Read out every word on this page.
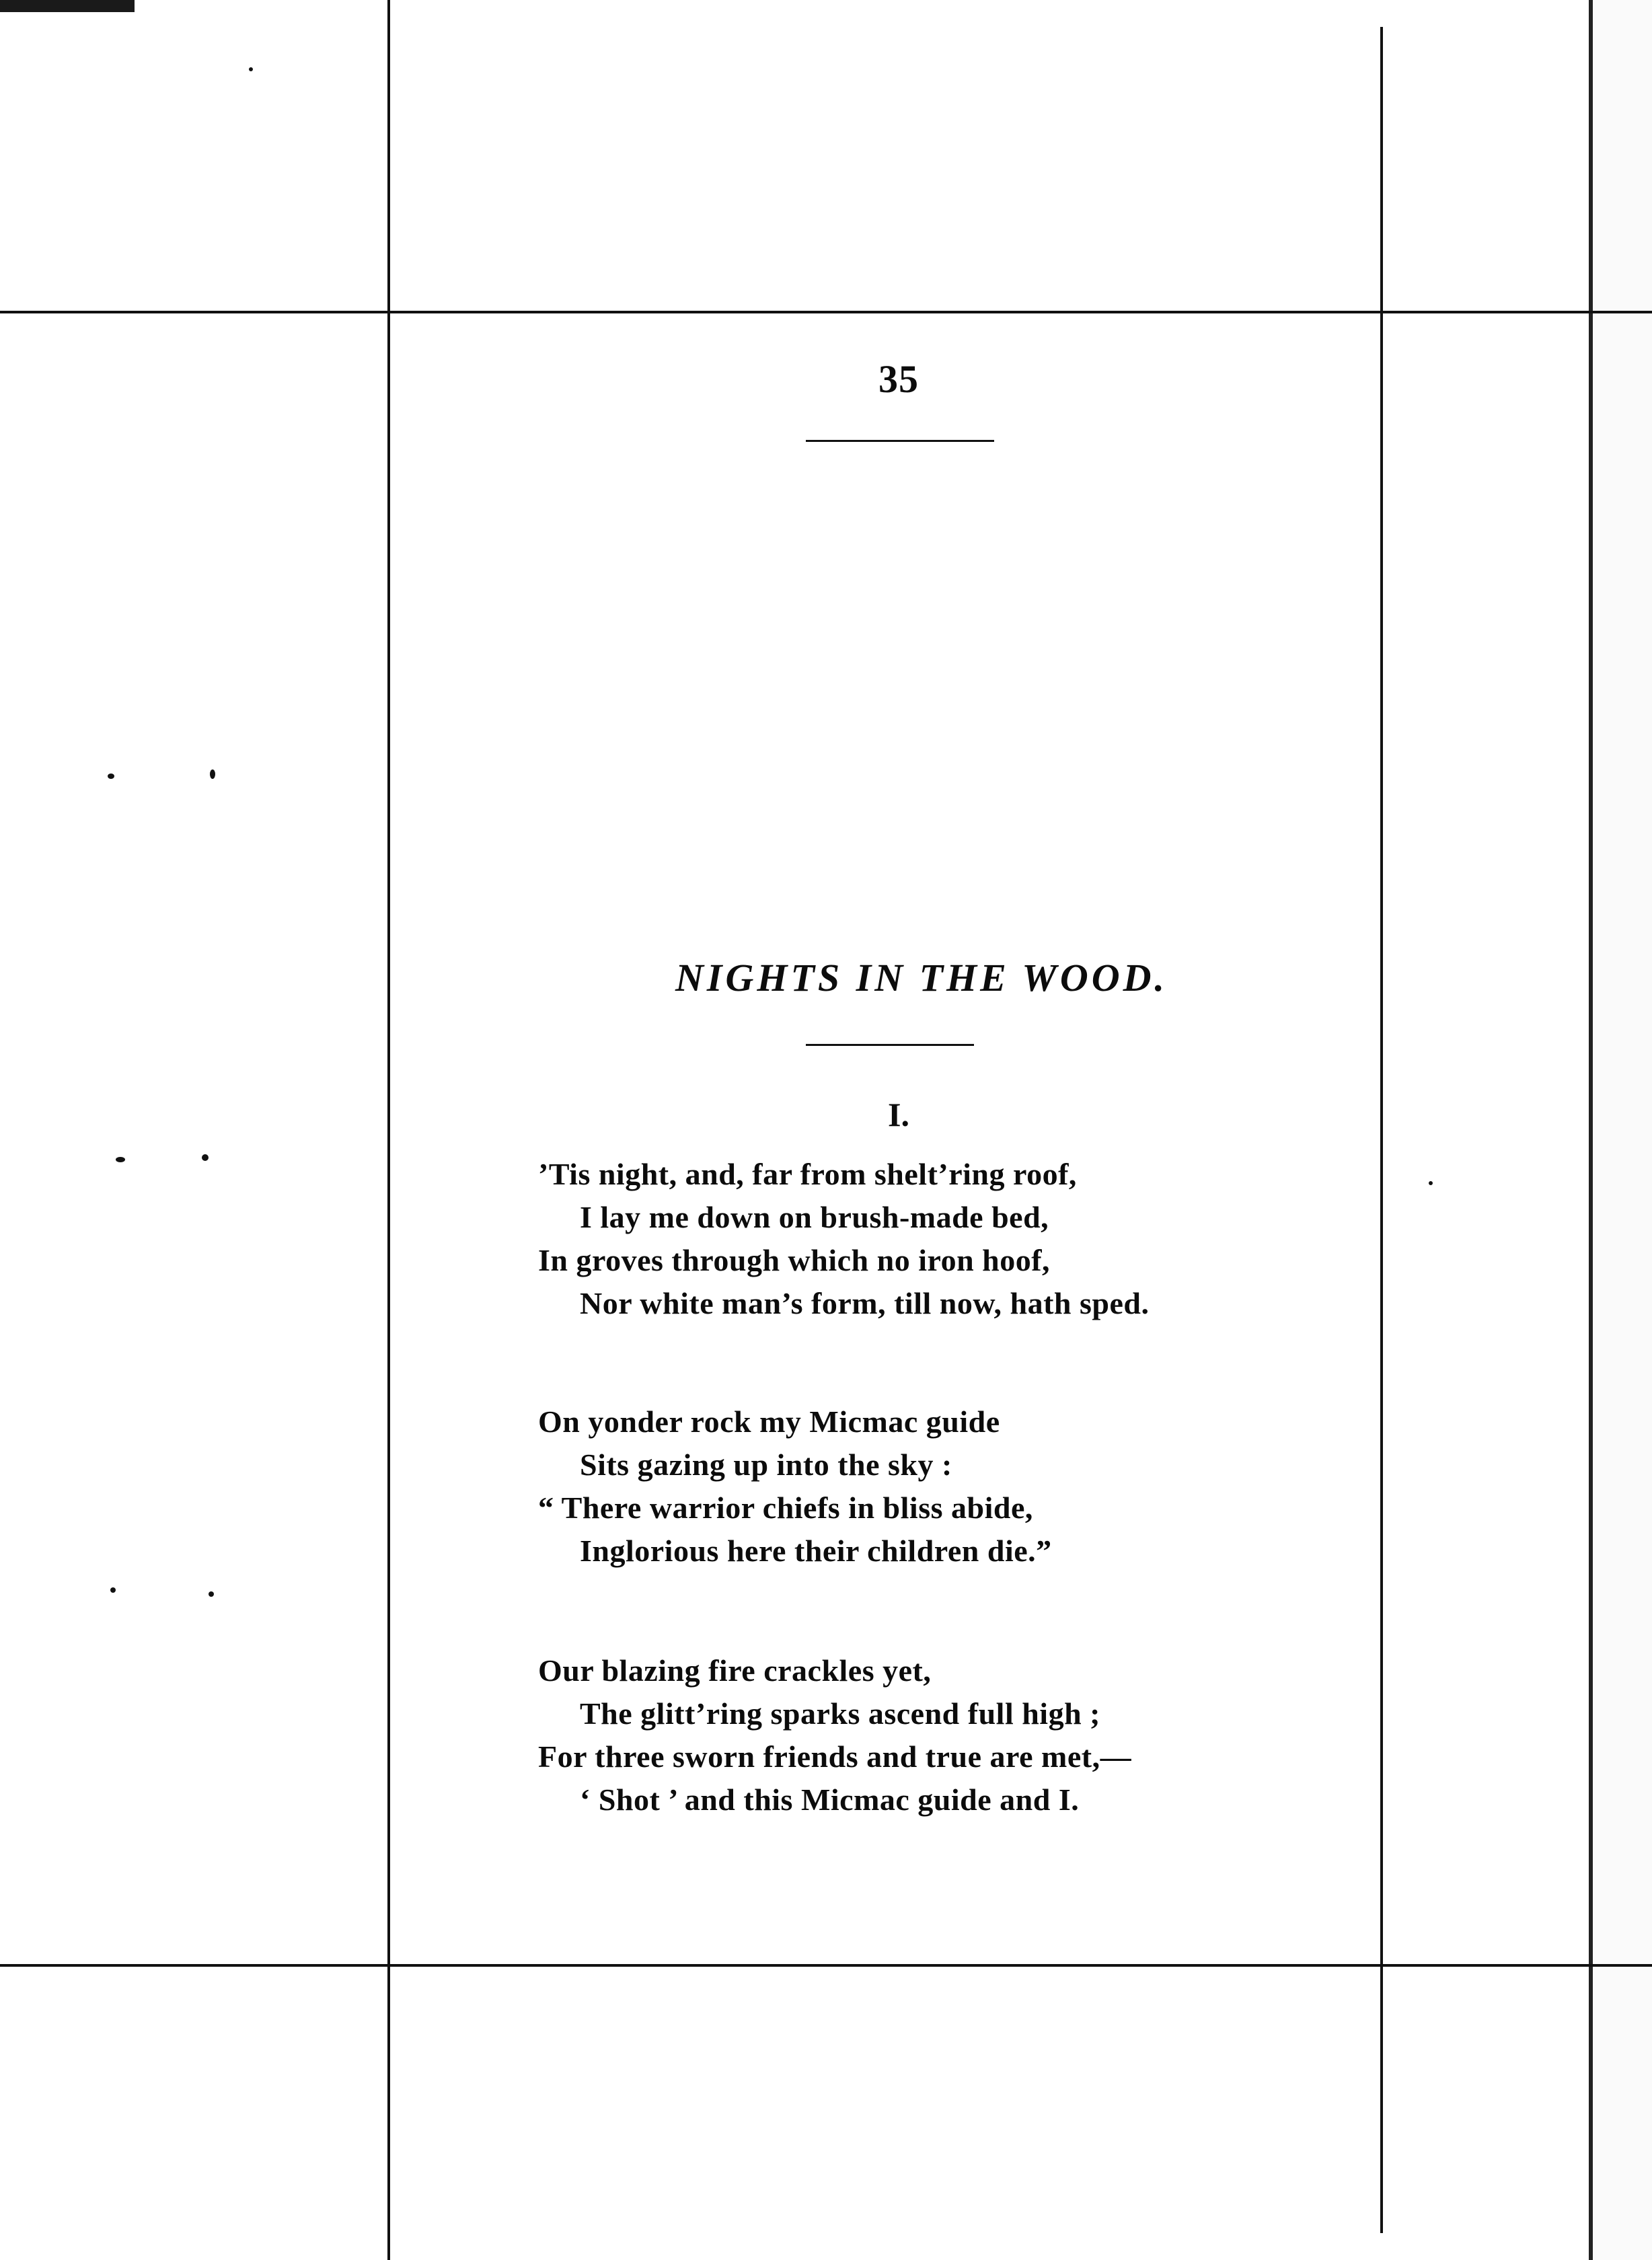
35
NIGHTS IN THE WOOD.
I.
’Tis night, and, far from shelt’ring roof,
I lay me down on brush-made bed,
In groves through which no iron hoof,
Nor white man’s form, till now, hath sped.
On yonder rock my Micmac guide
Sits gazing up into the sky :
“ There warrior chiefs in bliss abide,
Inglorious here their children die.”
Our blazing fire crackles yet,
The glitt’ring sparks ascend full high ;
For three sworn friends and true are met,—
‘ Shot ’ and this Micmac guide and I.
